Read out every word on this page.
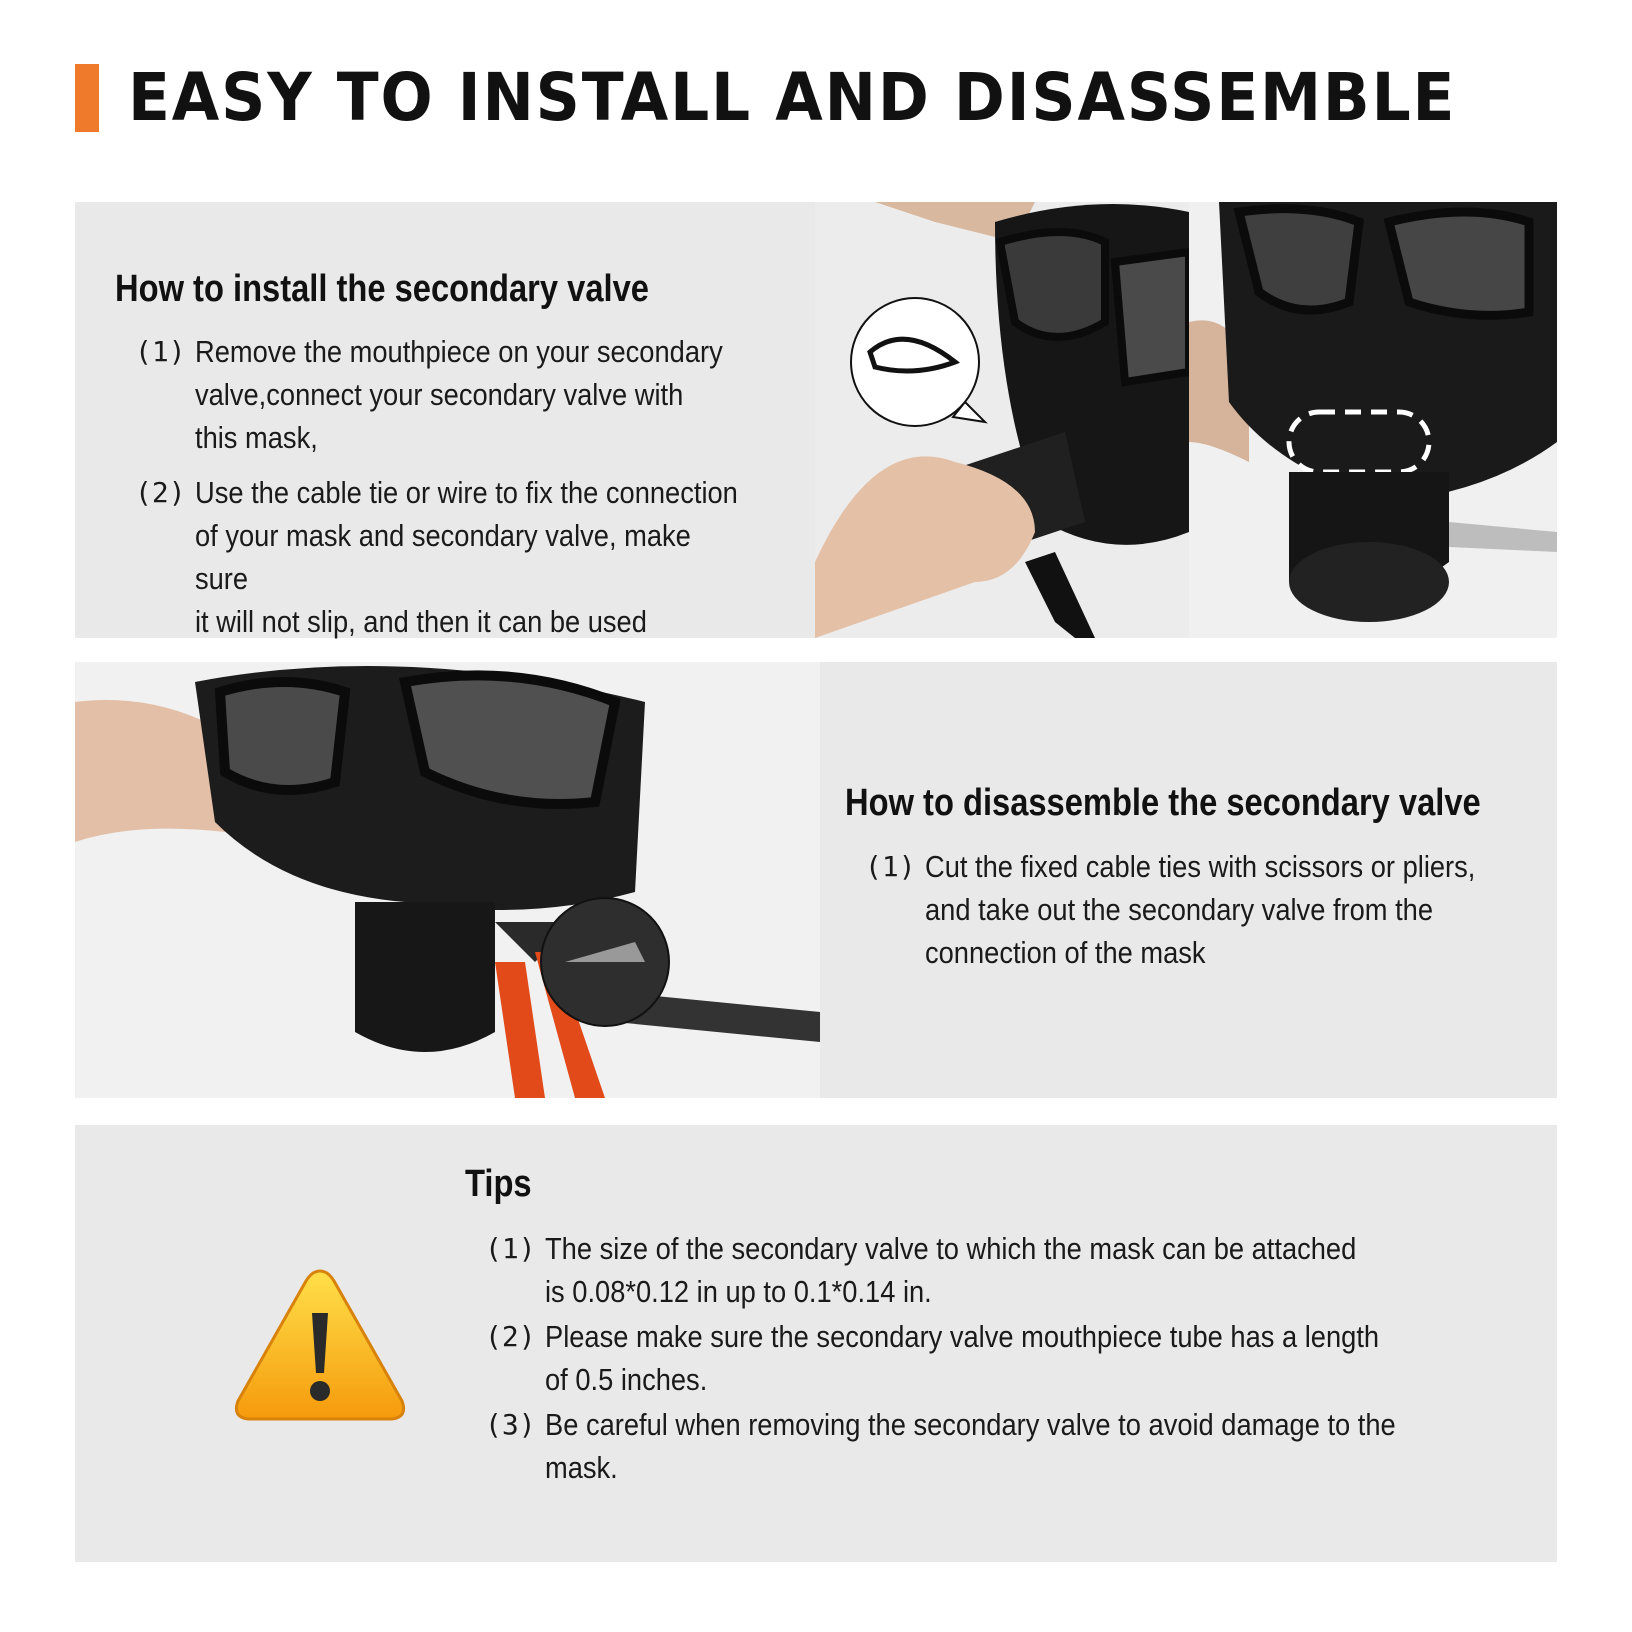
EASY TO INSTALL AND DISASSEMBLE
How to install the secondary valve
(1) Remove the mouthpiece on your secondary
valve,connect your secondary valve with
this mask,
(2) Use the cable tie or wire to fix the connection
of your mask and secondary valve, make sure
it will not slip, and then it can be used
How to disassemble the secondary valve
(1) Cut the fixed cable ties with scissors or pliers,
and take out the secondary valve from the
connection of the mask
Tips
(1) The size of the secondary valve to which the mask can be attached
is 0.08*0.12 in up to 0.1*0.14 in.
(2) Please make sure the secondary valve mouthpiece tube has a length
of 0.5 inches.
(3) Be careful when removing the secondary valve to avoid damage to the
mask.
